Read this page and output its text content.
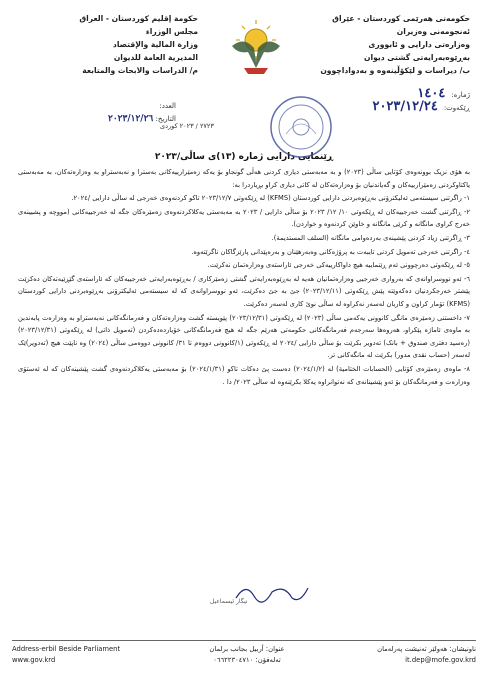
حكومة إقليم كوردستان - العراق
مجلس الوزراء
وزارة المالية والإقتصاد
المديرية العامة للديوان
م/ الدراسات والابحاث والمتابعة
حکومەتی هەرێمی کوردستان - عێراق
ئەنجومەنی وەزیران
وەزارەتی دارایی و ئابووری
بەڕێوەبەرایەتی گشتی دیوان
ب/ دیراسات و لێکۆڵینەوە و بەدواداچوون
ژمارە:١٤٠٤
ڕێکەوت:٢٠٢٣/١٢/٢٤
العدد:
التاريخ: ٢٠٢٣/١٢/٢٦
٢٧٢٣ / ٢٠٢٣ کوردی
ڕێنمایی دارایی ژمارە (١٣)ی ساڵی/٢٠٢٣

بە هۆی نزیک بوونەوەی کۆتایی ساڵی (٢٠٢٣) و بە مەبەستی دیاری کردنی هەڵی گونجاو بۆ یەکە زەمێرارییەکانی بەسترا و نەبەستراو بە وەزارەتەکان، بە مەبەستی یاکتاوکردنی زەمێرارییەکان و گەیاندنیان بۆ وەزارەتەکان لە کاتی دیاری کراو بڕیاردرا بە:

١- راگرتنی سیستەمی ئەلیکترۆنی بەڕێوەبردنی دارایی کوردستان (KFMS) لە ڕێکەوتی ٢٠٢٣/١٢/٧ تاکو کردنەوەی خەرجی لە ساڵی دارایی /٢٠٢٤.

٢- ڕاگرتنی گشت خەرجییەکان لە ڕێکەوتی ١٠/ ١٢/ ٢٠٢٣ بۆ ساڵی دارایی / ٢٠٢٣ بە مەبەستی یەکلاکردنەوەی زەمێرەکان جگە لە خەرجییەکانی (مووچە و پشیینەی خەرج کراوی مانگانە و کرێی مانگانە و خاوێن کردنەوە و خواردن).

٣- ڕاگرتنی زیاد کردنی پێشینەی بەردەوامی مانگانە (السلف المستديمة).

٤- راگرتنی خەرجی تەمویل کردنی تایبەت بە پرۆژەکانی وەبەرهێنان و بەرەپێدانی پارێزگاکان ناگرێتەوە.

٥- لە ڕێکەوتی دەرچوونی ئەم ڕێنماییە هیچ داواکارییەکی خەرجی ئاراستەی وەزارەتمان نەکرێت.

٦- ئەو نووسراوانەی کە بەرواری خەرجیی وەزارەتمانیان هەیە لە بەڕێوەبەرایەتی گشتی زەمێرکاری / بەڕێوەبەرایەتی خەرجییەکان کە ئاراستەی گێڕێیەتەکان دەکرێت پێشتر خەرجکردنیان دەکەوێتە پێش ڕێکەوتی (٢٠٢٣/١٢/١١) جێ بە جێ دەکرێت، ئەو نووسراوانەی کە لە سیستەمی ئەلیکترۆنی بەڕێوەبردنی دارایی کوردستان (KFMS) تۆمار کراون و کاریان لەسەر نەکراوە لە ساڵی نوێ کاری لەسەر دەکرێت.

٧- داخستنی زەمێرەی مانگی کانوونی یەکەمی ساڵی (٢٠٢٣) لە ڕێکەوتی (٢٠٢٣/١٢/٣١) پێویستە گشت وەزارەتەکان و فەرمانگەکانی نەبەستراو بە وەزارەت پابەندبن بە ماوەی ئاماژە پێکراو، هەروەها سەرجەم فەرمانگەکانی حکومەتی هەرێم جگە لە هیچ فەرمانگەکانی خۆیاردەدەکردن (تەمویل ذاتی) لە ڕێکەوتی (٢٠٢٣/١٢/٣١) (رەسید دفتری صندوق + بانک) تەدویر بکرێت بۆ ساڵی دارایی /٢٠٢٤ لە ڕێکەوتی (١/کانوونی دووەم تا ٣١/ کانوونی دووەمی ساڵی (٢٠٢٤) وە ناپێت هیچ (تەدویر)ێک لەسەر (حساب نقدی مدور) بکرێت لە مانگەکانی تر.

٨- ماوەی زەمێرەی کۆتایی (الحسابات الختامية) لە (٢٠٢٤/١/٢) دەست پێ دەکات تاکو (٢٠٢٤/١/٣١) بۆ مەبەستی یەکلاکردنەوەی گشت پێشینەکان کە لە ئەستۆی وەزارەت و فەرمانگەکان بۆ ئەو پێشینانەی کە نەتوانراوە یەکلا بکرێنەوە لە ساڵی ٢٠٢٣/ دا .

نیگار ئیسماعیل
Address-erbil Beside Parliament
www.gov.krd
عنوان: أربيل بجانب برلمان
تەلەفۆن: ٠٦٦٢٢٣٠٤٧١٠
ناونیشان: هەولێر تەنیشت پەرلەمان
it.dep@mofe.gov.krd
